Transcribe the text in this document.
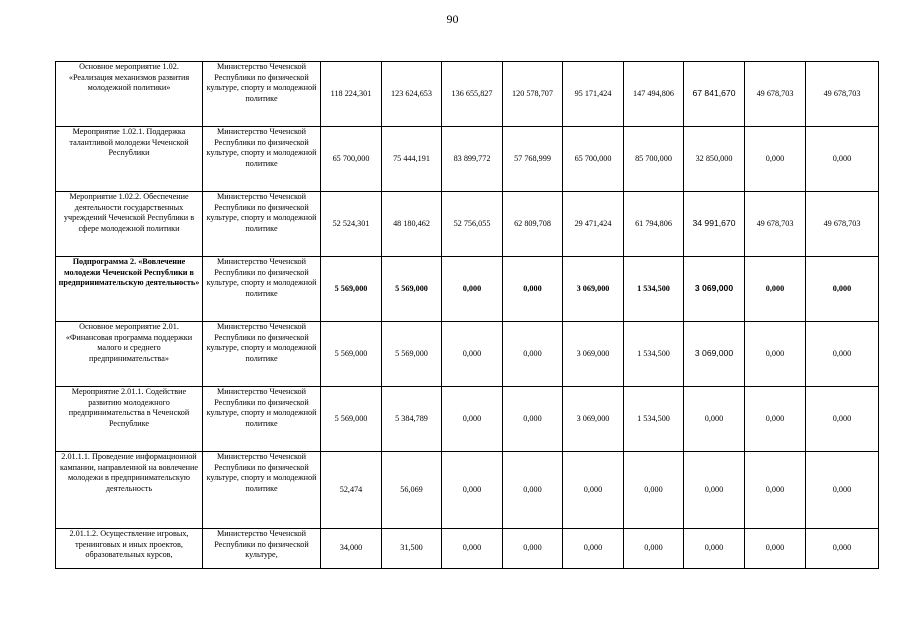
90
Основное мероприятие 1.02. «Реализация механизмов развития молодежной политики»	Министерство Чеченской Республики по физической культуре, спорту и молодежной политике	118 224,301	123 624,653	136 655,827	120 578,707	95 171,424	147 494,806	67 841,670	49 678,703	49 678,703
Мероприятие 1.02.1. Поддержка талантливой молодежи Чеченской Республики	Министерство Чеченской Республики по физической культуре, спорту и молодежной политике	65 700,000	75 444,191	83 899,772	57 768,999	65 700,000	85 700,000	32 850,000	0,000	0,000
Мероприятие 1.02.2. Обеспечение деятельности государственных учреждений Чеченской Республики в сфере молодежной политики	Министерство Чеченской Республики по физической культуре, спорту и молодежной политике	52 524,301	48 180,462	52 756,055	62 809,708	29 471,424	61 794,806	34 991,670	49 678,703	49 678,703
Подпрограмма 2. «Вовлечение молодежи Чеченской Республики в предпринимательскую деятельность»	Министерство Чеченской Республики по физической культуре, спорту и молодежной политике	5 569,000	5 569,000	0,000	0,000	3 069,000	1 534,500	3 069,000	0,000	0,000
Основное мероприятие 2.01. «Финансовая программа поддержки малого и среднего предпринимательства»	Министерство Чеченской Республики по физической культуре, спорту и молодежной политике	5 569,000	5 569,000	0,000	0,000	3 069,000	1 534,500	3 069,000	0,000	0,000
Мероприятие 2.01.1. Содействие развитию молодежного предпринимательства в Чеченской Республике	Министерство Чеченской Республики по физической культуре, спорту и молодежной политике	5 569,000	5 384,789	0,000	0,000	3 069,000	1 534,500	0,000	0,000	0,000
2.01.1.1. Проведение информационной кампании, направленной на вовлечение молодежи в предпринимательскую деятельность	Министерство Чеченской Республики по физической культуре, спорту и молодежной политике	52,474	56,069	0,000	0,000	0,000	0,000	0,000	0,000	0,000
2.01.1.2. Осуществление игровых, тренинговых и иных проектов, образовательных курсов,	Министерство Чеченской Республики по физической культуре,	34,000	31,500	0,000	0,000	0,000	0,000	0,000	0,000	0,000
